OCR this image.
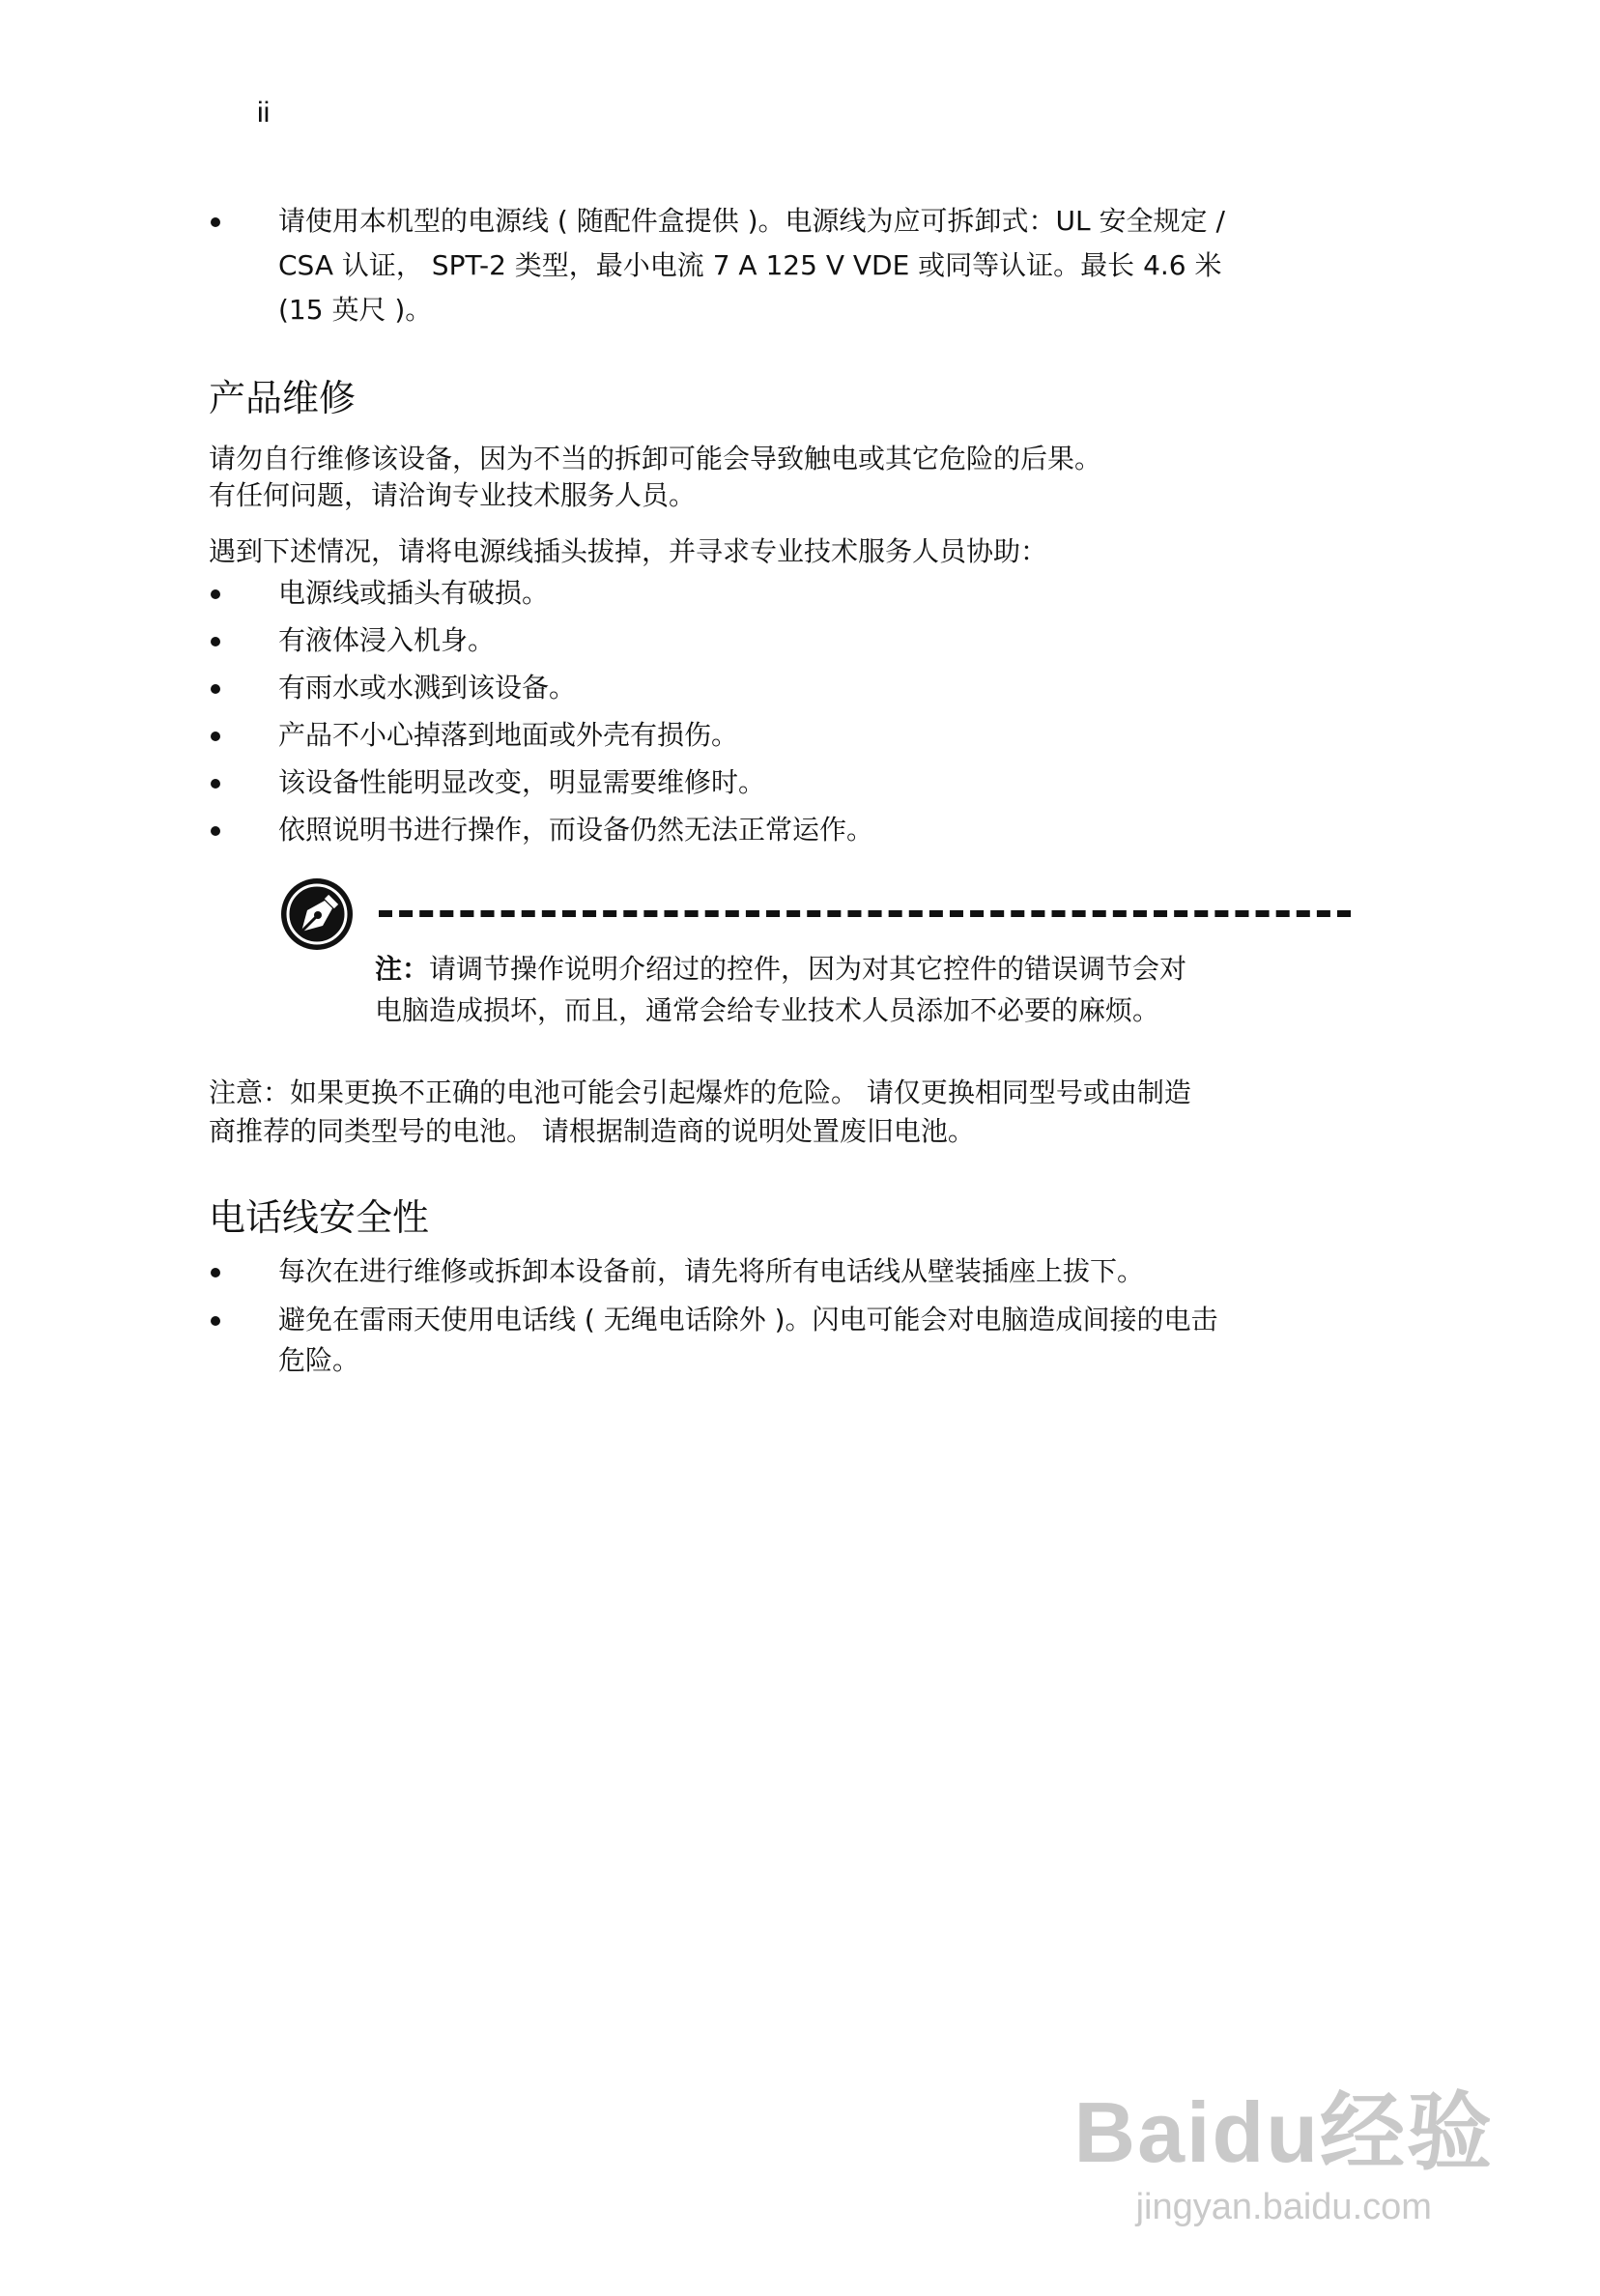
ii
请使用本机型的电源线 ( 随配件盒提供 )。电源线为应可拆卸式：UL 安全规定 /
CSA 认证， SPT-2 类型，最小电流 7 A 125 V VDE 或同等认证。最长 4.6 米
(15 英尺 )。
产品维修
请勿自行维修该设备，因为不当的拆卸可能会导致触电或其它危险的后果。
有任何问题，请洽询专业技术服务人员。
遇到下述情况，请将电源线插头拔掉，并寻求专业技术服务人员协助：
电源线或插头有破损。
有液体浸入机身。
有雨水或水溅到该设备。
产品不小心掉落到地面或外壳有损伤。
该设备性能明显改变，明显需要维修时。
依照说明书进行操作，而设备仍然无法正常运作。
注：请调节操作说明介绍过的控件，因为对其它控件的错误调节会对
电脑造成损坏，而且，通常会给专业技术人员添加不必要的麻烦。
注意：如果更换不正确的电池可能会引起爆炸的危险。 请仅更换相同型号或由制造
商推荐的同类型号的电池。 请根据制造商的说明处置废旧电池。
电话线安全性
每次在进行维修或拆卸本设备前，请先将所有电话线从壁装插座上拔下。
避免在雷雨天使用电话线 ( 无绳电话除外 )。闪电可能会对电脑造成间接的电击
危险。
Baidu经验
jingyan.baidu.com
